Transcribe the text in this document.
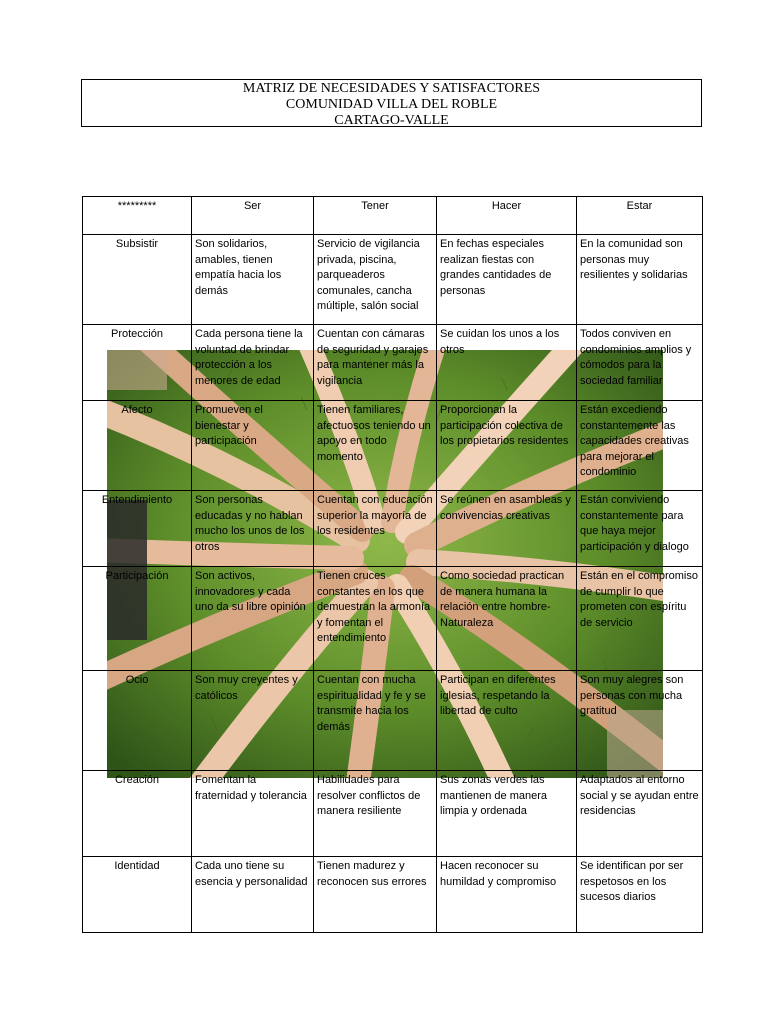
MATRIZ DE NECESIDADES Y SATISFACTORES
COMUNIDAD VILLA DEL ROBLE
CARTAGO-VALLE
*********	Ser	Tener	Hacer	Estar
Subsistir	Son solidarios, amables, tienen empatía hacia los demás	Servicio de vigilancia privada, piscina, parqueaderos comunales, cancha múltiple, salón social	En fechas especiales realizan fiestas con grandes cantidades de personas	En la comunidad son personas muy resilientes y solidarias
Protección	Cada persona tiene la voluntad de brindar protección a los menores de edad	Cuentan con cámaras de seguridad y garajes para mantener más la vigilancia	Se cuidan los unos a los otros	Todos conviven en condominios amplios y cómodos para la sociedad familiar
Afecto	Promueven el bienestar y participación	Tienen familiares, afectuosos teniendo un apoyo en todo momento	Proporcionan la participación colectiva de los propietarios residentes	Están excediendo constantemente las capacidades creativas para mejorar el condominio
Entendimiento	Son personas educadas y no hablan mucho los unos de los otros	Cuentan con educación superior la mayoría de los residentes	Se reúnen en asambleas y convivencias creativas	Están conviviendo constantemente para que haya mejor participación y dialogo
Participación	Son activos, innovadores y cada uno da su libre opinión	Tienen cruces constantes en los que demuestran la armonía y fomentan el entendimiento	Como sociedad practican de manera humana la relación entre hombre-Naturaleza	Están en el compromiso de cumplir lo que prometen con espíritu de servicio
Ocio	Son muy creyentes y católicos	Cuentan con mucha espiritualidad y fe y se transmite hacia los demás	Participan en diferentes iglesias, respetando la libertad de culto	Son muy alegres son personas con mucha gratitud
Creación	Fomentan la fraternidad y tolerancia	Habilidades para resolver conflictos de manera resiliente	Sus zonas verdes las mantienen de manera limpia y ordenada	Adaptados al entorno social y se ayudan entre residencias
Identidad	Cada uno tiene su esencia y personalidad	Tienen madurez y reconocen sus errores	Hacen reconocer su humildad y compromiso	Se identifican por ser respetosos en los sucesos diarios
